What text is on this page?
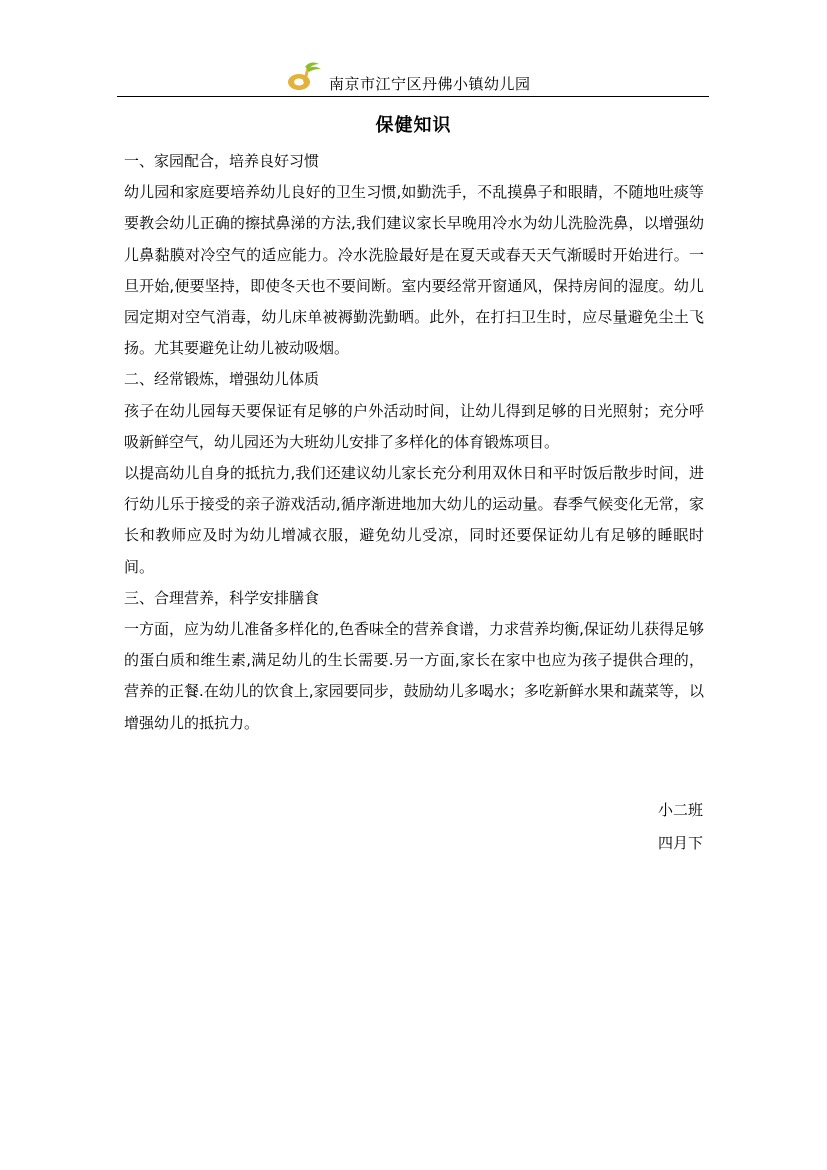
南京市江宁区丹佛小镇幼儿园
保健知识

一、家园配合，培养良好习惯

幼儿园和家庭要培养幼儿良好的卫生习惯,如勤洗手，不乱摸鼻子和眼睛，不随地吐痰等要教会幼儿正确的擦拭鼻涕的方法,我们建议家长早晚用冷水为幼儿洗脸洗鼻，以增强幼儿鼻黏膜对冷空气的适应能力。冷水洗脸最好是在夏天或春天天气渐暖时开始进行。一旦开始,便要坚持，即使冬天也不要间断。室内要经常开窗通风，保持房间的湿度。幼儿园定期对空气消毒，幼儿床单被褥勤洗勤晒。此外，在打扫卫生时，应尽量避免尘土飞扬。尤其要避免让幼儿被动吸烟。

二、经常锻炼，增强幼儿体质

孩子在幼儿园每天要保证有足够的户外活动时间，让幼儿得到足够的日光照射；充分呼吸新鲜空气，幼儿园还为大班幼儿安排了多样化的体育锻炼项目。

以提高幼儿自身的抵抗力,我们还建议幼儿家长充分利用双休日和平时饭后散步时间，进行幼儿乐于接受的亲子游戏活动,循序渐进地加大幼儿的运动量。春季气候变化无常，家长和教师应及时为幼儿增减衣服，避免幼儿受凉，同时还要保证幼儿有足够的睡眠时间。

三、合理营养，科学安排膳食

一方面，应为幼儿准备多样化的,色香味全的营养食谱，力求营养均衡,保证幼儿获得足够的蛋白质和维生素,满足幼儿的生长需要.另一方面,家长在家中也应为孩子提供合理的，营养的正餐.在幼儿的饮食上,家园要同步，鼓励幼儿多喝水；多吃新鲜水果和蔬菜等，以增强幼儿的抵抗力。

小二班
四月下
